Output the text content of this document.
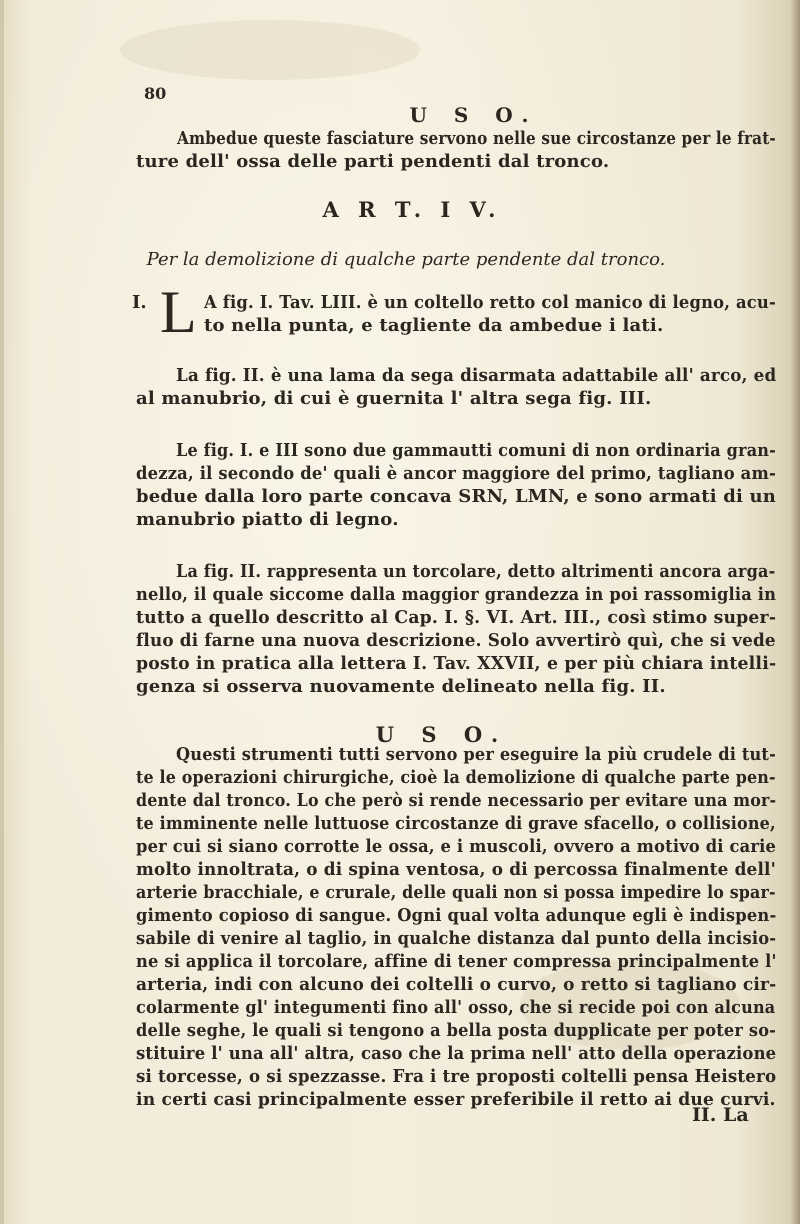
80
U S O.
Ambedue queste fasciature servono nelle sue circostanze per le frat-
ture dell' ossa delle parti pendenti dal tronco.
A R T. I V.
Per la demolizione di qualche parte pendente dal tronco.
I. L A fig. I. Tav. LIII. è un coltello retto col manico di legno, acu-
to nella punta, e tagliente da ambedue i lati.
La fig. II. è una lama da sega disarmata adattabile all' arco, ed
al manubrio, di cui è guernita l' altra sega fig. III.
Le fig. I. e III sono due gammautti comuni di non ordinaria gran-
dezza, il secondo de' quali è ancor maggiore del primo, tagliano am-
bedue dalla loro parte concava SRN, LMN, e sono armati di un
manubrio piatto di legno.
La fig. II. rappresenta un torcolare, detto altrimenti ancora arga-
nello, il quale siccome dalla maggior grandezza in poi rassomiglia in
tutto a quello descritto al Cap. I. §. VI. Art. III., così stimo super-
fluo di farne una nuova descrizione. Solo avvertirò quì, che si vede
posto in pratica alla lettera I. Tav. XXVII, e per più chiara intelli-
genza si osserva nuovamente delineato nella fig. II.
U S O.
Questi strumenti tutti servono per eseguire la più crudele di tut-
te le operazioni chirurgiche, cioè la demolizione di qualche parte pen-
dente dal tronco. Lo che però si rende necessario per evitare una mor-
te imminente nelle luttuose circostanze di grave sfacello, o collisione,
per cui si siano corrotte le ossa, e i muscoli, ovvero a motivo di carie
molto innoltrata, o di spina ventosa, o di percossa finalmente dell'
arterie bracchiale, e crurale, delle quali non si possa impedire lo spar-
gimento copioso di sangue. Ogni qual volta adunque egli è indispen-
sabile di venire al taglio, in qualche distanza dal punto della incisio-
ne si applica il torcolare, affine di tener compressa principalmente l'
arteria, indi con alcuno dei coltelli o curvo, o retto si tagliano cir-
colarmente gl' integumenti fino all' osso, che si recide poi con alcuna
delle seghe, le quali si tengono a bella posta dupplicate per poter so-
stituire l' una all' altra, caso che la prima nell' atto della operazione
si torcesse, o si spezzasse. Fra i tre proposti coltelli pensa Heistero
in certi casi principalmente esser preferibile il retto ai due curvi.
II. La
